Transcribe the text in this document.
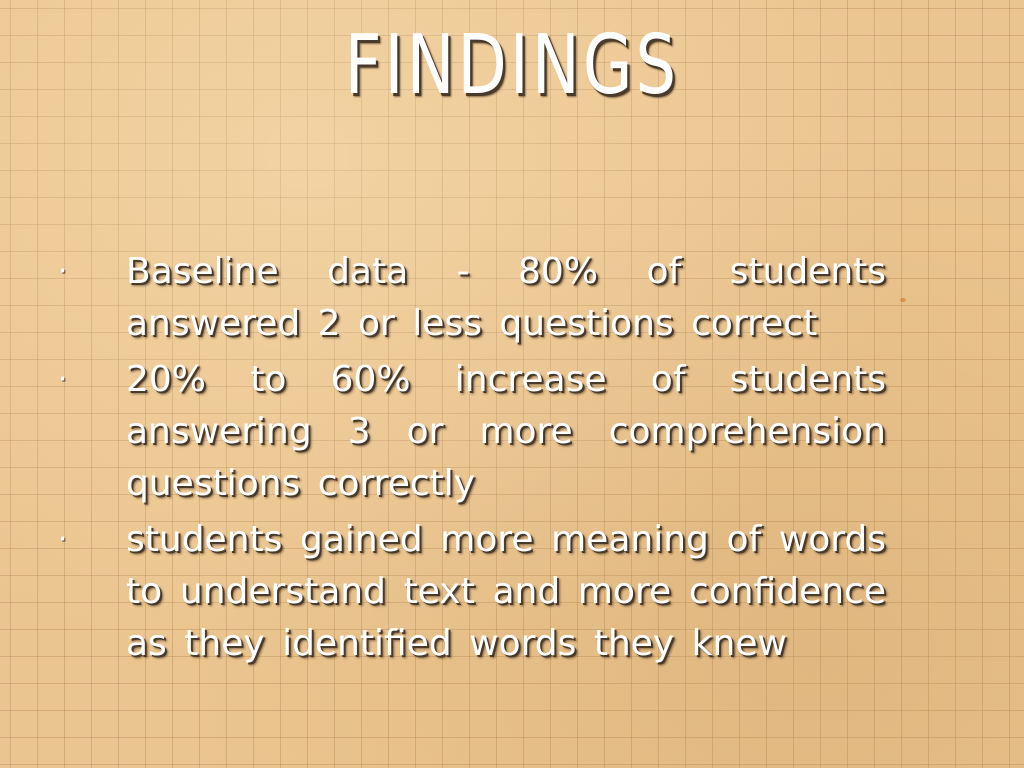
FINDINGS
· Baseline data - 80% of students answered 2 or less questions correct
· 20% to 60% increase of students answering 3 or more comprehension questions correctly
· students gained more meaning of words to understand text and more confidence as they identified words they knew
